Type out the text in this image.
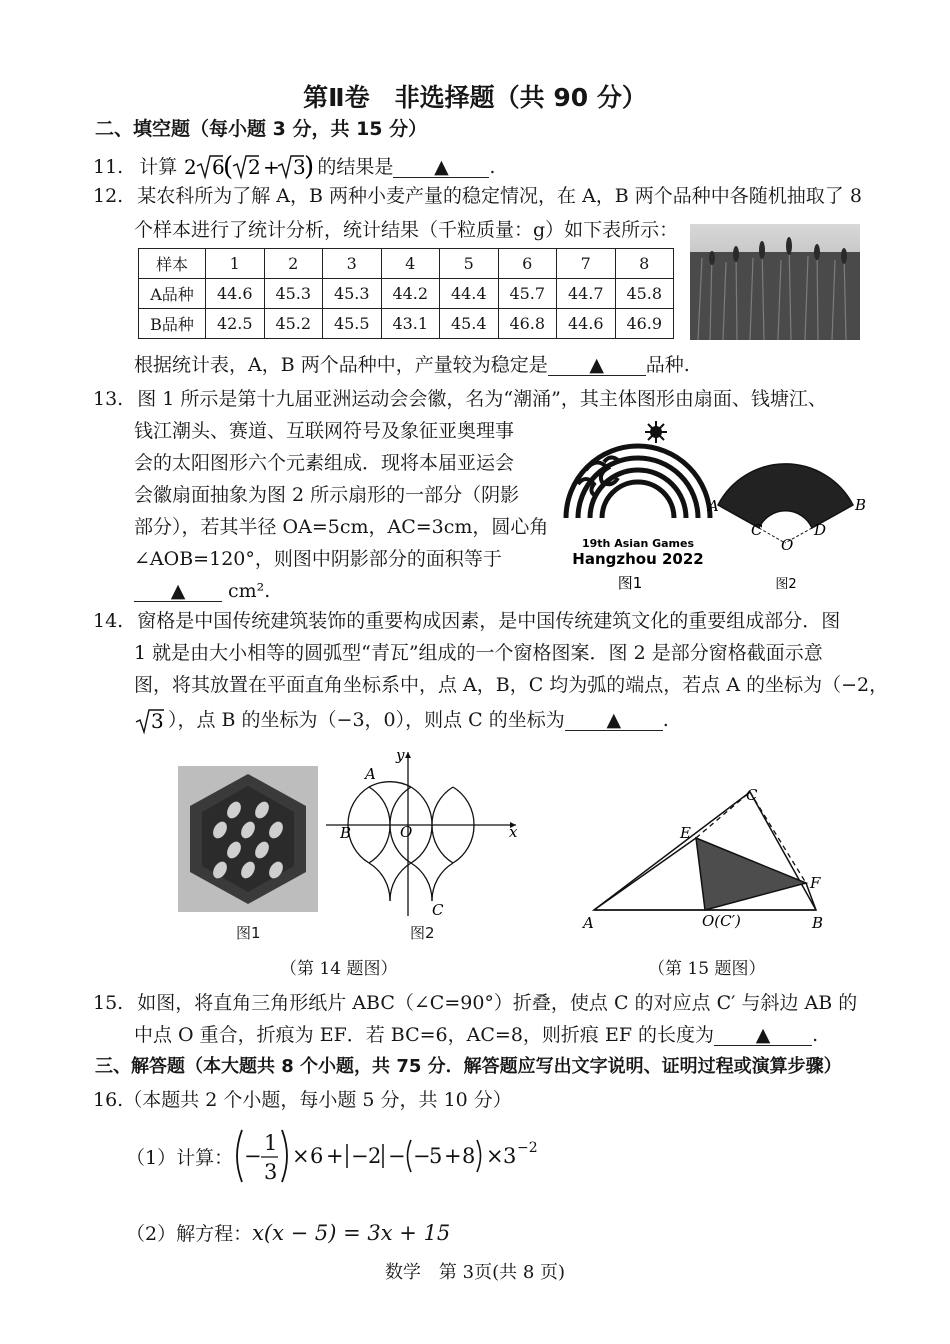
第Ⅱ卷　非选择题（共 90 分）
二、填空题（每小题 3 分，共 15 分）
11. 计算 2 6
( 2 + 3
) 的结果是 ▲ .
12. 某农科所为了解 A，B 两种小麦产量的稳定情况，在 A，B 两个品种中各随机抽取了 8
个样本进行了统计分析，统计结果（千粒质量：g）如下表所示：
样本	1	2	3	4	5	6	7	8
A品种	44.6	45.3	45.3	44.2	44.4	45.7	44.7	45.8
B品种	42.5	45.2	45.5	43.1	45.4	46.8	44.6	46.9
根据统计表，A，B 两个品种中，产量较为稳定是 ▲ 品种.
13. 图 1 所示是第十九届亚洲运动会会徽，名为“潮涌”，其主体图形由扇面、钱塘江、
钱江潮头、赛道、互联网符号及象征亚奥理事
会的太阳图形六个元素组成．现将本届亚运会
会徽扇面抽象为图 2 所示扇形的一部分（阴影
部分），若其半径 OA=5cm，AC=3cm，圆心角
∠AOB=120°，则图中阴影部分的面积等于
▲ cm².
19th Asian Games
Hangzhou 2022
图1
A	B
C	D
O
图2
14. 窗格是中国传统建筑装饰的重要构成因素，是中国传统建筑文化的重要组成部分．图
1 就是由大小相等的圆弧型“青瓦”组成的一个窗格图案．图 2 是部分窗格截面示意
图，将其放置在平面直角坐标系中，点 A，B，C 均为弧的端点，若点 A 的坐标为（−2，
3 ），点 B 的坐标为（−3，0），则点 C 的坐标为 ▲ .
图1
A
B
C
O	x
y
图2
（第 14 题图）
A	B
C
E
F
O(C′)
（第 15 题图）
15. 如图，将直角三角形纸片 ABC（∠C=90°）折叠，使点 C 的对应点 C′ 与斜边 AB 的
中点 O 重合，折痕为 EF．若 BC=6，AC=8，则折痕 EF 的长度为 ▲ .
三、解答题（本大题共 8 个小题，共 75 分．解答题应写出文字说明、证明过程或演算步骤）
16.（本题共 2 个小题，每小题 5 分，共 10 分）
（1）计算： −
1
3
× 6 + − 2 − −
5 + 8 × 3 −2
（2）解方程：x(x − 5) = 3x + 15
数学　第 3页(共 8 页)
